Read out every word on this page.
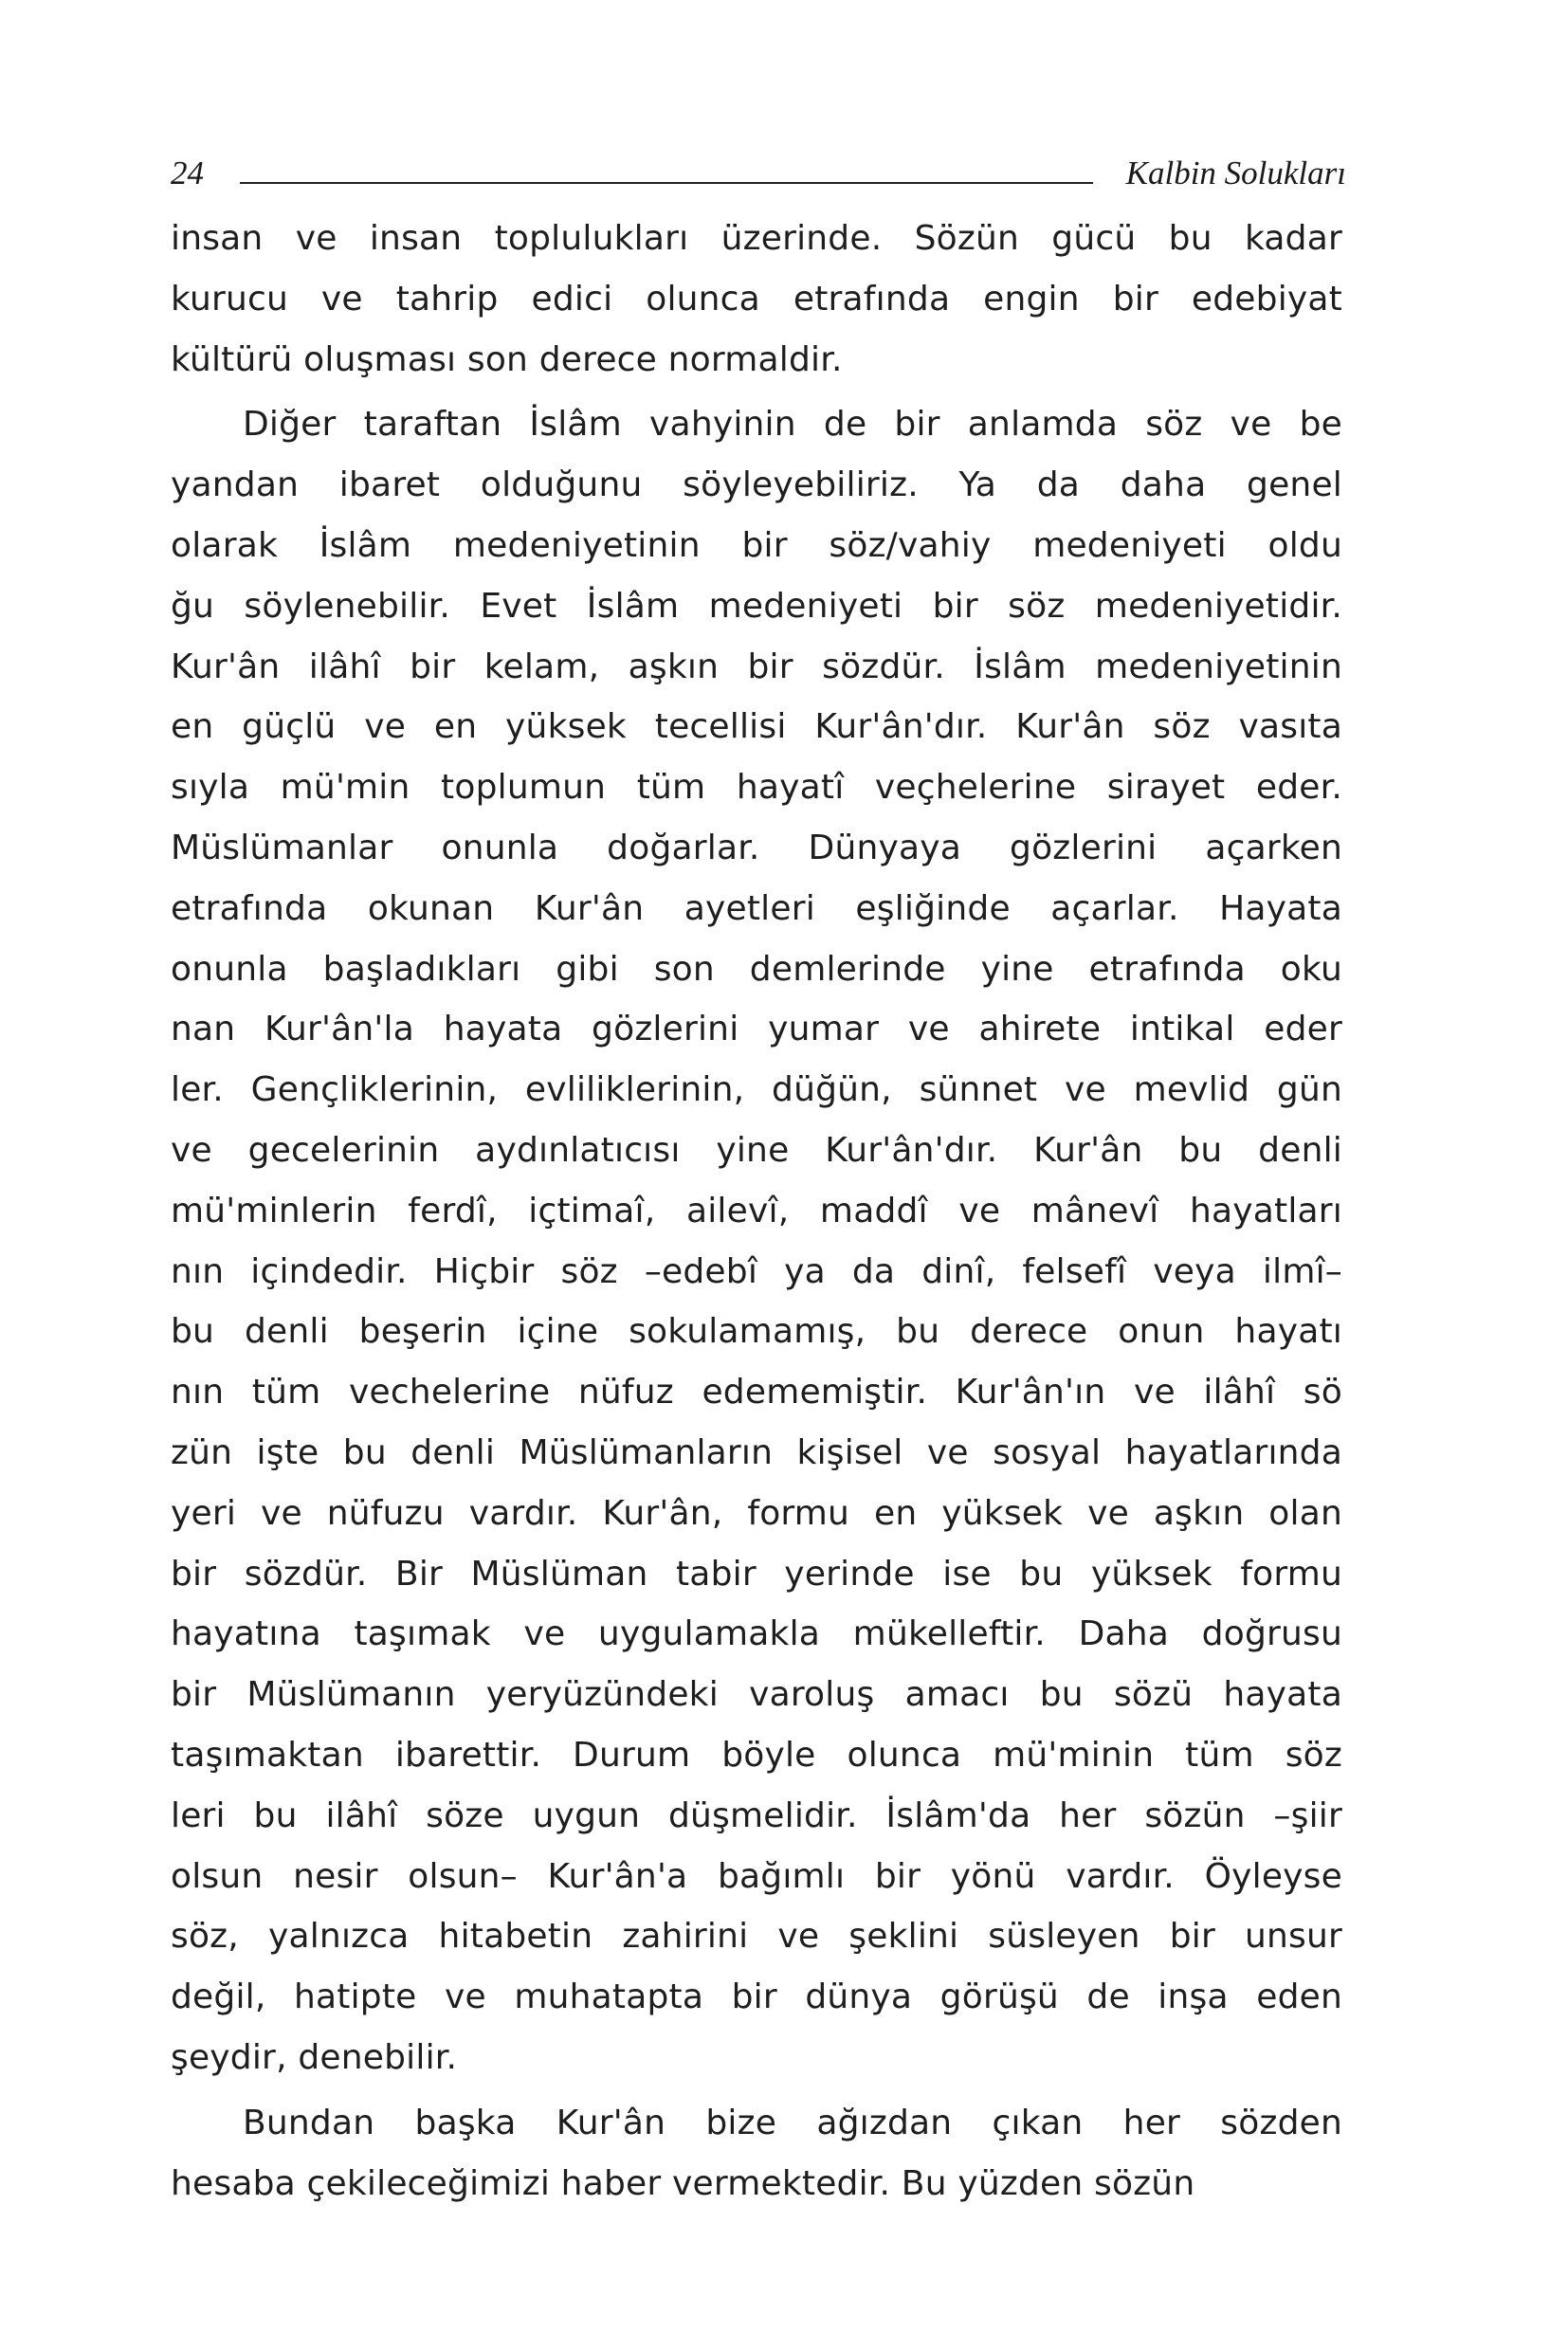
24	Kalbin Solukları
insan ve insan toplulukları üzerinde. Sözün gücü bu kadar
kurucu ve tahrip edici olunca etrafında engin bir edebiyat
kültürü oluşması son derece normaldir.
Diğer taraftan İslâm vahyinin de bir anlamda söz ve be
yandan ibaret olduğunu söyleyebiliriz. Ya da daha genel
olarak İslâm medeniyetinin bir söz/vahiy medeniyeti oldu
ğu söylenebilir. Evet İslâm medeniyeti bir söz medeniyetidir.
Kur'ân ilâhî bir kelam, aşkın bir sözdür. İslâm medeniyetinin
en güçlü ve en yüksek tecellisi Kur'ân'dır. Kur'ân söz vasıta
sıyla mü'min toplumun tüm hayatî veçhelerine sirayet eder.
Müslümanlar onunla doğarlar. Dünyaya gözlerini açarken
etrafında okunan Kur'ân ayetleri eşliğinde açarlar. Hayata
onunla başladıkları gibi son demlerinde yine etrafında oku
nan Kur'ân'la hayata gözlerini yumar ve ahirete intikal eder
ler. Gençliklerinin, evliliklerinin, düğün, sünnet ve mevlid gün
ve gecelerinin aydınlatıcısı yine Kur'ân'dır. Kur'ân bu denli
mü'minlerin ferdî, içtimaî, ailevî, maddî ve mânevî hayatları
nın içindedir. Hiçbir söz –edebî ya da dinî, felsefî veya ilmî–
bu denli beşerin içine sokulamamış, bu derece onun hayatı
nın tüm vechelerine nüfuz edememiştir. Kur'ân'ın ve ilâhî sö
zün işte bu denli Müslümanların kişisel ve sosyal hayatlarında
yeri ve nüfuzu vardır. Kur'ân, formu en yüksek ve aşkın olan
bir sözdür. Bir Müslüman tabir yerinde ise bu yüksek formu
hayatına taşımak ve uygulamakla mükelleftir. Daha doğrusu
bir Müslümanın yeryüzündeki varoluş amacı bu sözü hayata
taşımaktan ibarettir. Durum böyle olunca mü'minin tüm söz
leri bu ilâhî söze uygun düşmelidir. İslâm'da her sözün –şiir
olsun nesir olsun– Kur'ân'a bağımlı bir yönü vardır. Öyleyse
söz, yalnızca hitabetin zahirini ve şeklini süsleyen bir unsur
değil, hatipte ve muhatapta bir dünya görüşü de inşa eden
şeydir, denebilir.
Bundan başka Kur'ân bize ağızdan çıkan her sözden
hesaba çekileceğimizi haber vermektedir. Bu yüzden sözün
